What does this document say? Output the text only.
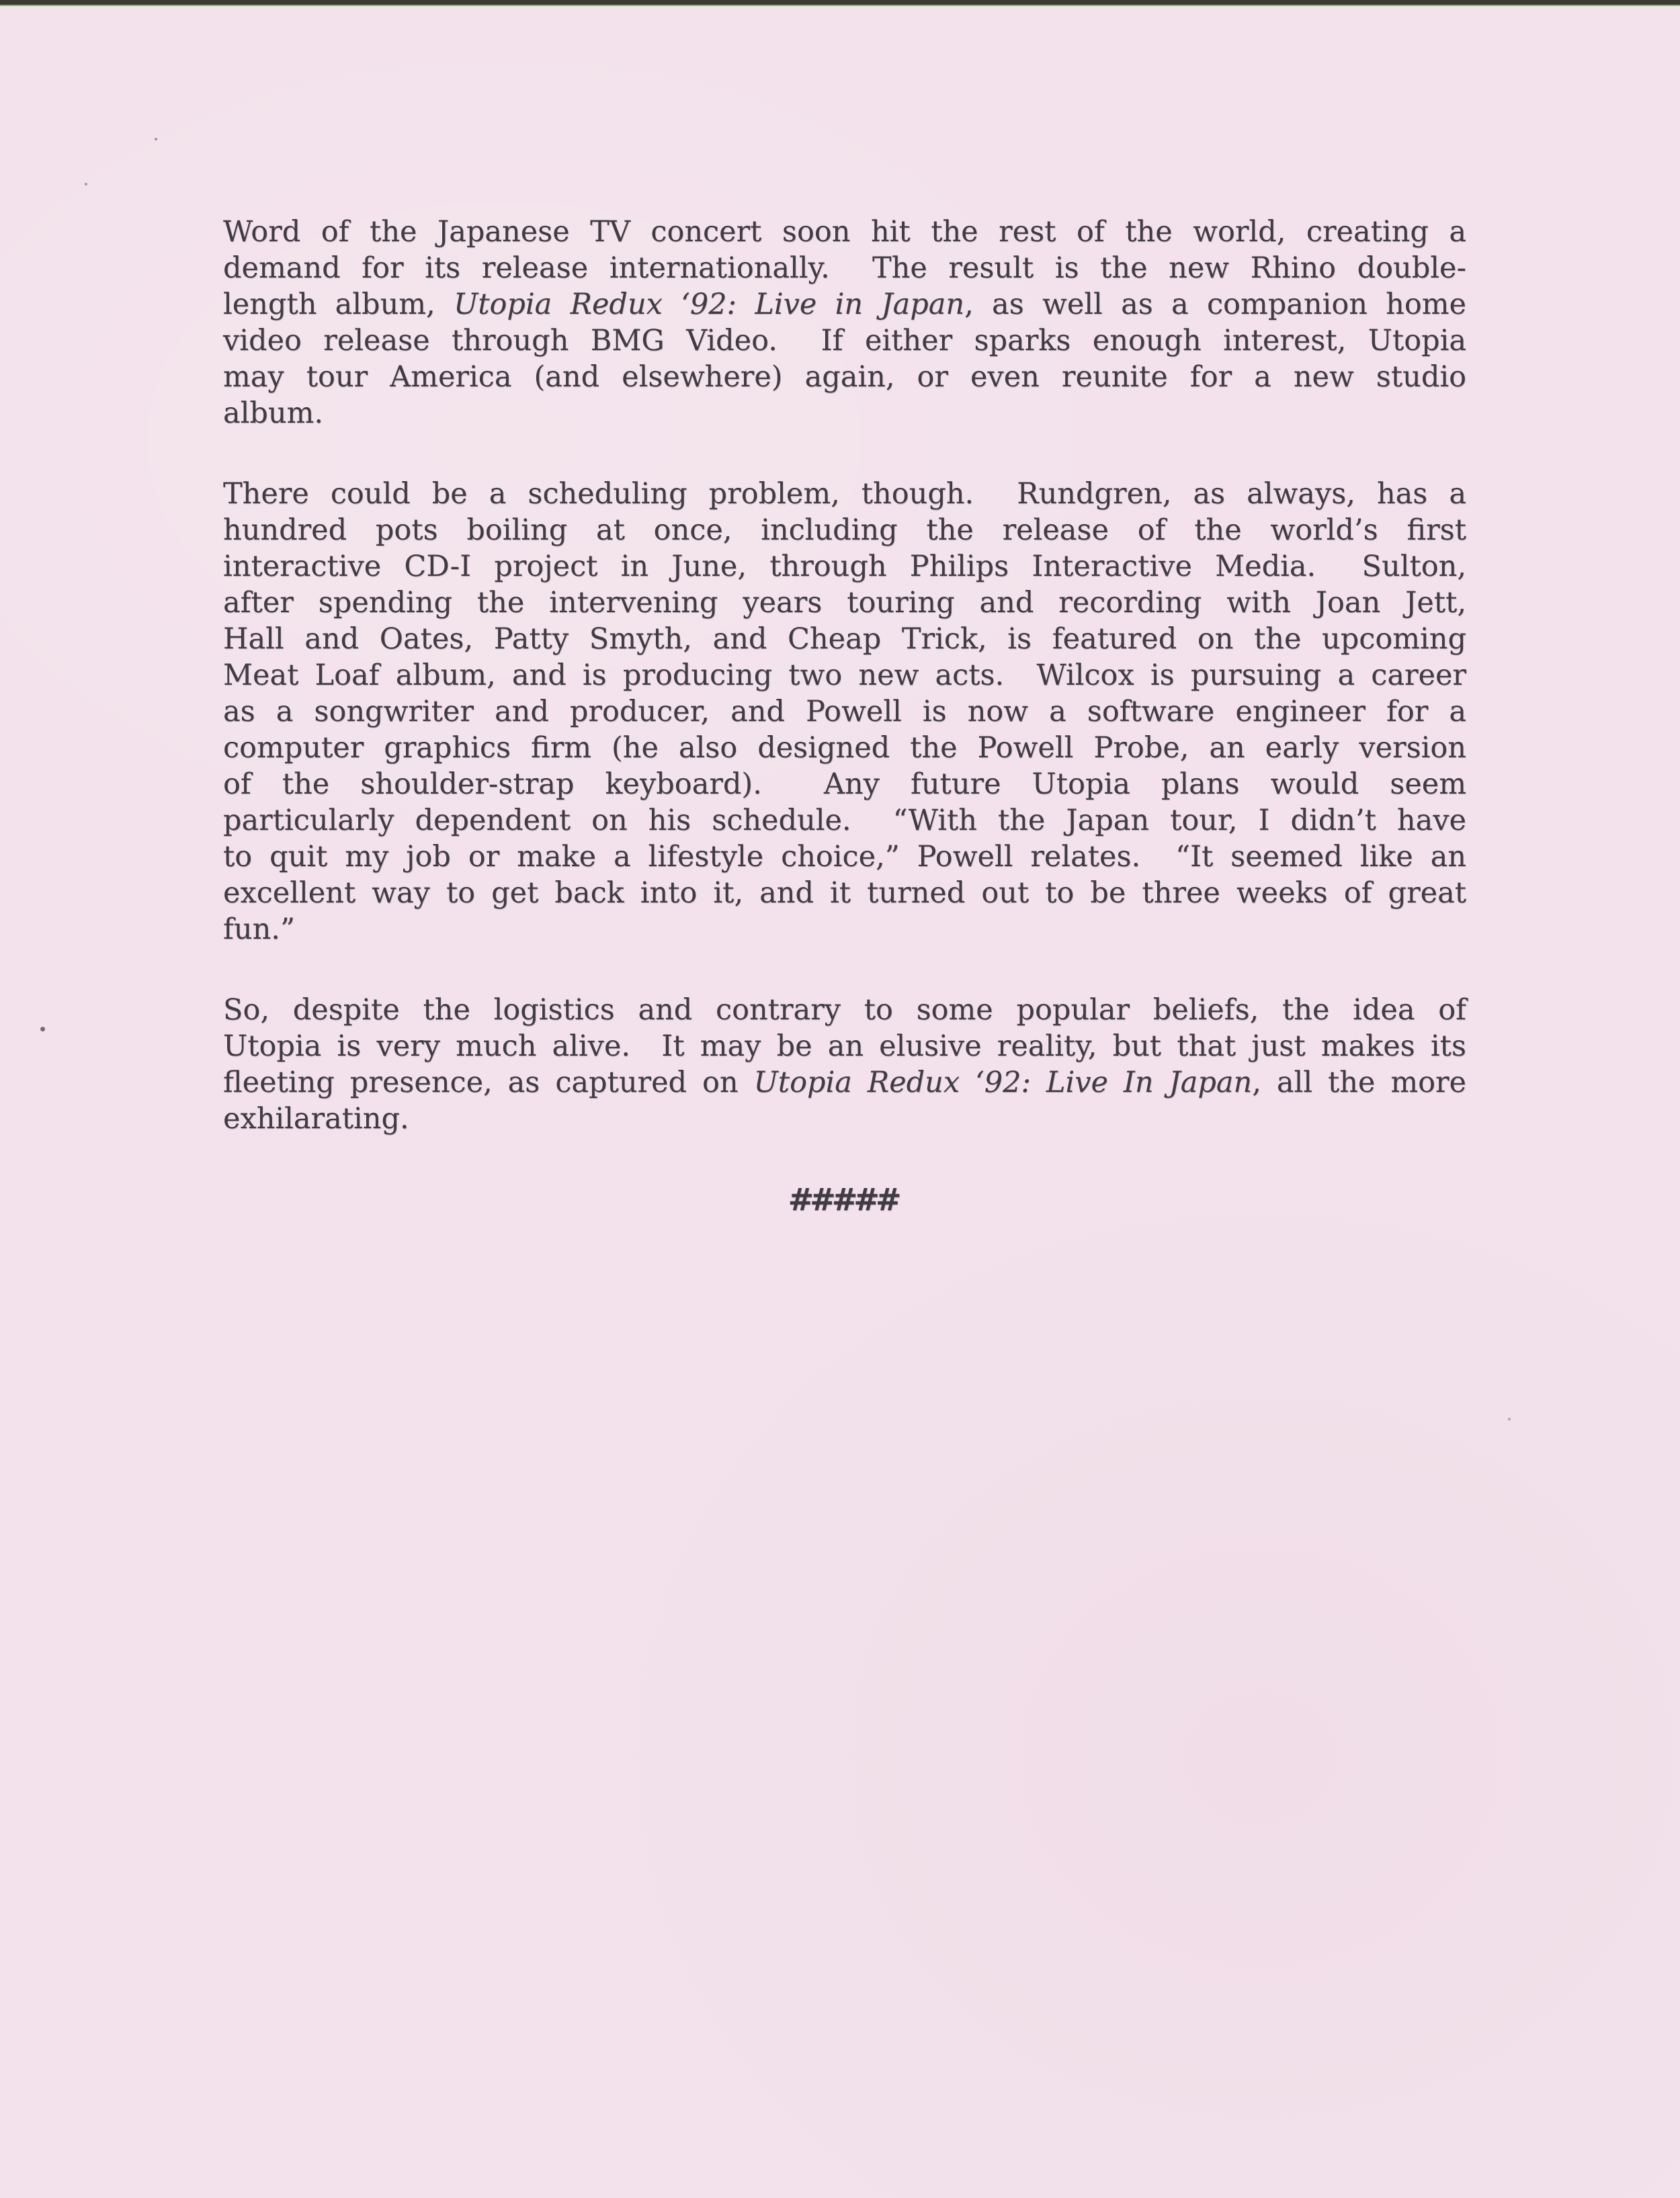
Word of the Japanese TV concert soon hit the rest of the world, creating a
demand for its release internationally.  The result is the new Rhino double-
length album, Utopia Redux ‘92: Live in Japan, as well as a companion home
video release through BMG Video.  If either sparks enough interest, Utopia
may tour America (and elsewhere) again, or even reunite for a new studio
album.
There could be a scheduling problem, though.  Rundgren, as always, has a
hundred pots boiling at once, including the release of the world’s first
interactive CD-I project in June, through Philips Interactive Media.  Sulton,
after spending the intervening years touring and recording with Joan Jett,
Hall and Oates, Patty Smyth, and Cheap Trick, is featured on the upcoming
Meat Loaf album, and is producing two new acts.  Wilcox is pursuing a career
as a songwriter and producer, and Powell is now a software engineer for a
computer graphics firm (he also designed the Powell Probe, an early version
of the shoulder-strap keyboard).  Any future Utopia plans would seem
particularly dependent on his schedule.  “With the Japan tour, I didn’t have
to quit my job or make a lifestyle choice,” Powell relates.  “It seemed like an
excellent way to get back into it, and it turned out to be three weeks of great
fun.”
So, despite the logistics and contrary to some popular beliefs, the idea of
Utopia is very much alive.  It may be an elusive reality, but that just makes its
fleeting presence, as captured on Utopia Redux ‘92: Live In Japan, all the more
exhilarating.
#####
